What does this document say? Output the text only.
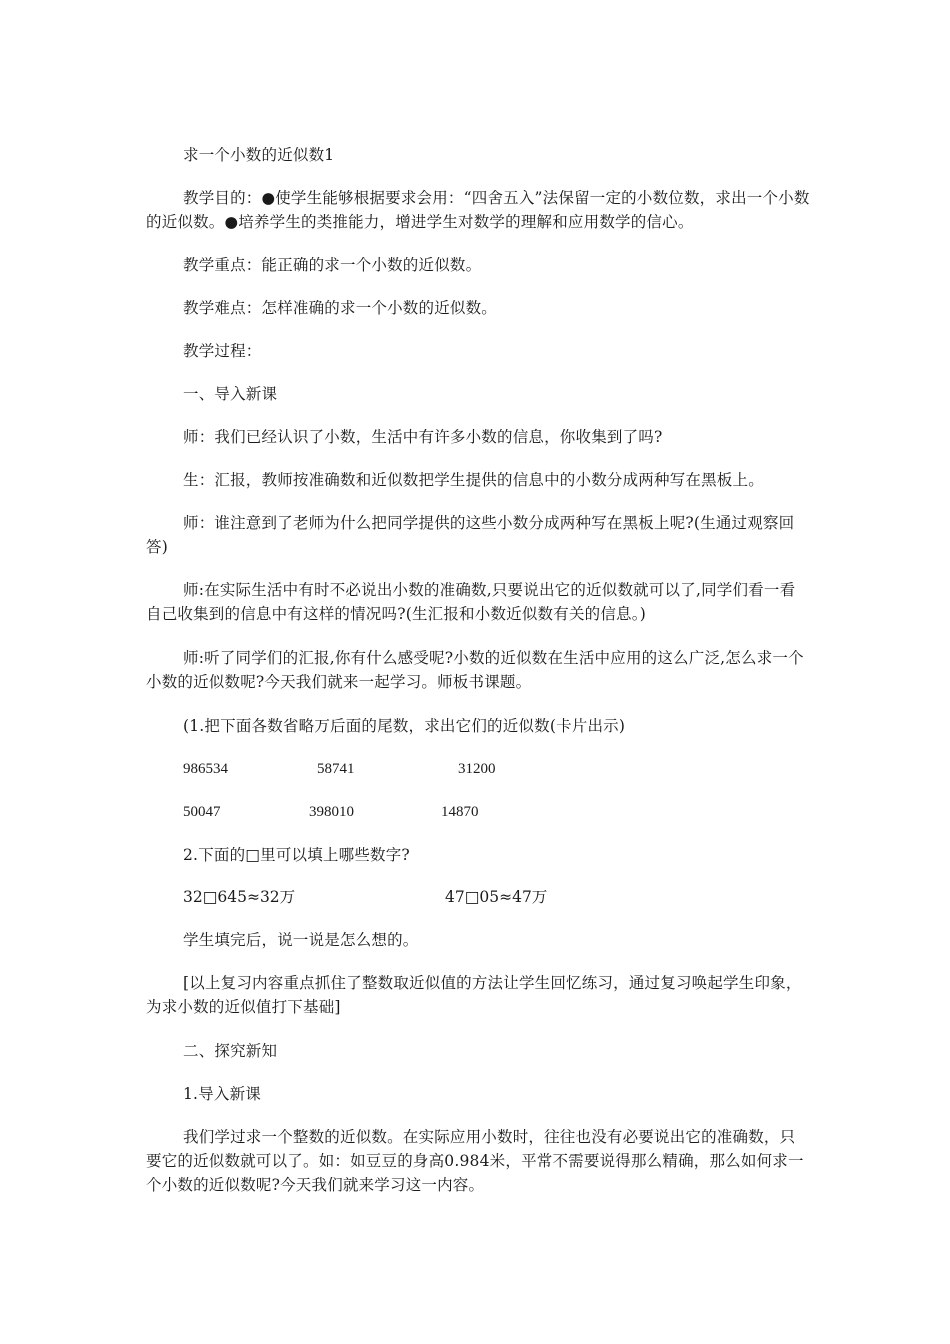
求一个小数的近似数1
教学目的：●使学生能够根据要求会用：“四舍五入”法保留一定的小数位数，求出一个小数的近似数。●培养学生的类推能力，增进学生对数学的理解和应用数学的信心。
教学重点：能正确的求一个小数的近似数。
教学难点：怎样准确的求一个小数的近似数。
教学过程：
一、导入新课
师：我们已经认识了小数，生活中有许多小数的信息，你收集到了吗?
生：汇报，教师按准确数和近似数把学生提供的信息中的小数分成两种写在黑板上。
师：谁注意到了老师为什么把同学提供的这些小数分成两种写在黑板上呢?(生通过观察回答)
师:在实际生活中有时不必说出小数的准确数,只要说出它的近似数就可以了,同学们看一看自己收集到的信息中有这样的情况吗?(生汇报和小数近似数有关的信息。)
师:听了同学们的汇报,你有什么感受呢?小数的近似数在生活中应用的这么广泛,怎么求一个小数的近似数呢?今天我们就来一起学习。师板书课题。
(1.把下面各数省略万后面的尾数，求出它们的近似数(卡片出示)
986534	58741	31200
50047	398010	14870
2.下面的□里可以填上哪些数字?
32□645≈32万	47□05≈47万
学生填完后，说一说是怎么想的。
[以上复习内容重点抓住了整数取近似值的方法让学生回忆练习，通过复习唤起学生印象，为求小数的近似值打下基础]
二、探究新知
1.导入新课
我们学过求一个整数的近似数。在实际应用小数时，往往也没有必要说出它的准确数，只要它的近似数就可以了。如：如豆豆的身高0.984米，平常不需要说得那么精确，那么如何求一个小数的近似数呢?今天我们就来学习这一内容。
